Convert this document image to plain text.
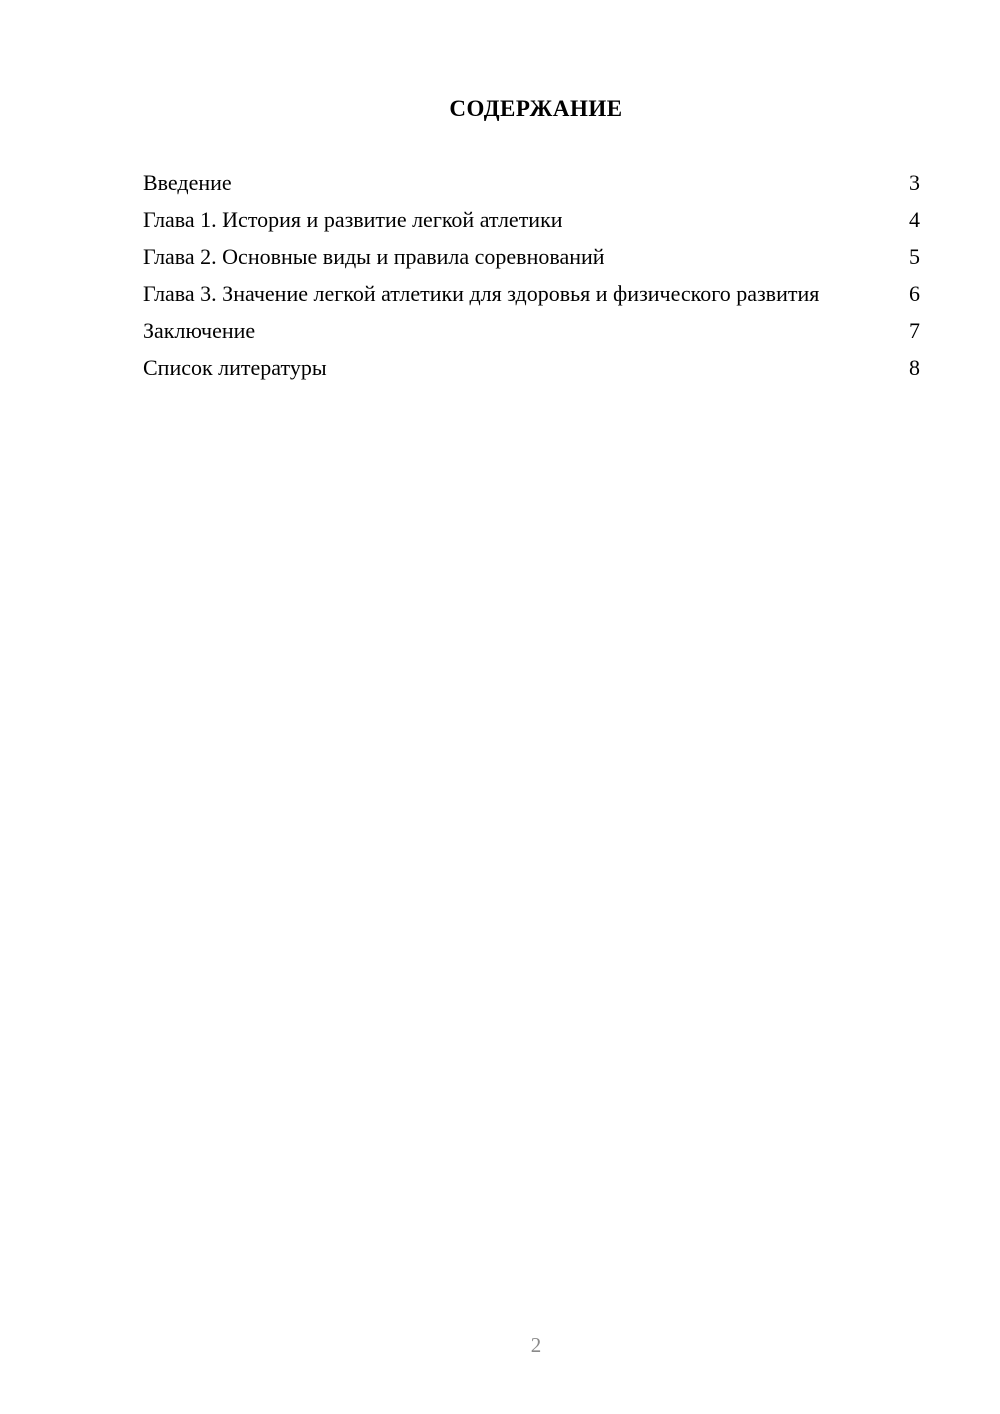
СОДЕРЖАНИЕ
Введение	3
Глава 1. История и развитие легкой атлетики	4
Глава 2. Основные виды и правила соревнований	5
Глава 3. Значение легкой атлетики для здоровья и физического развития	6
Заключение	7
Список литературы	8
2
